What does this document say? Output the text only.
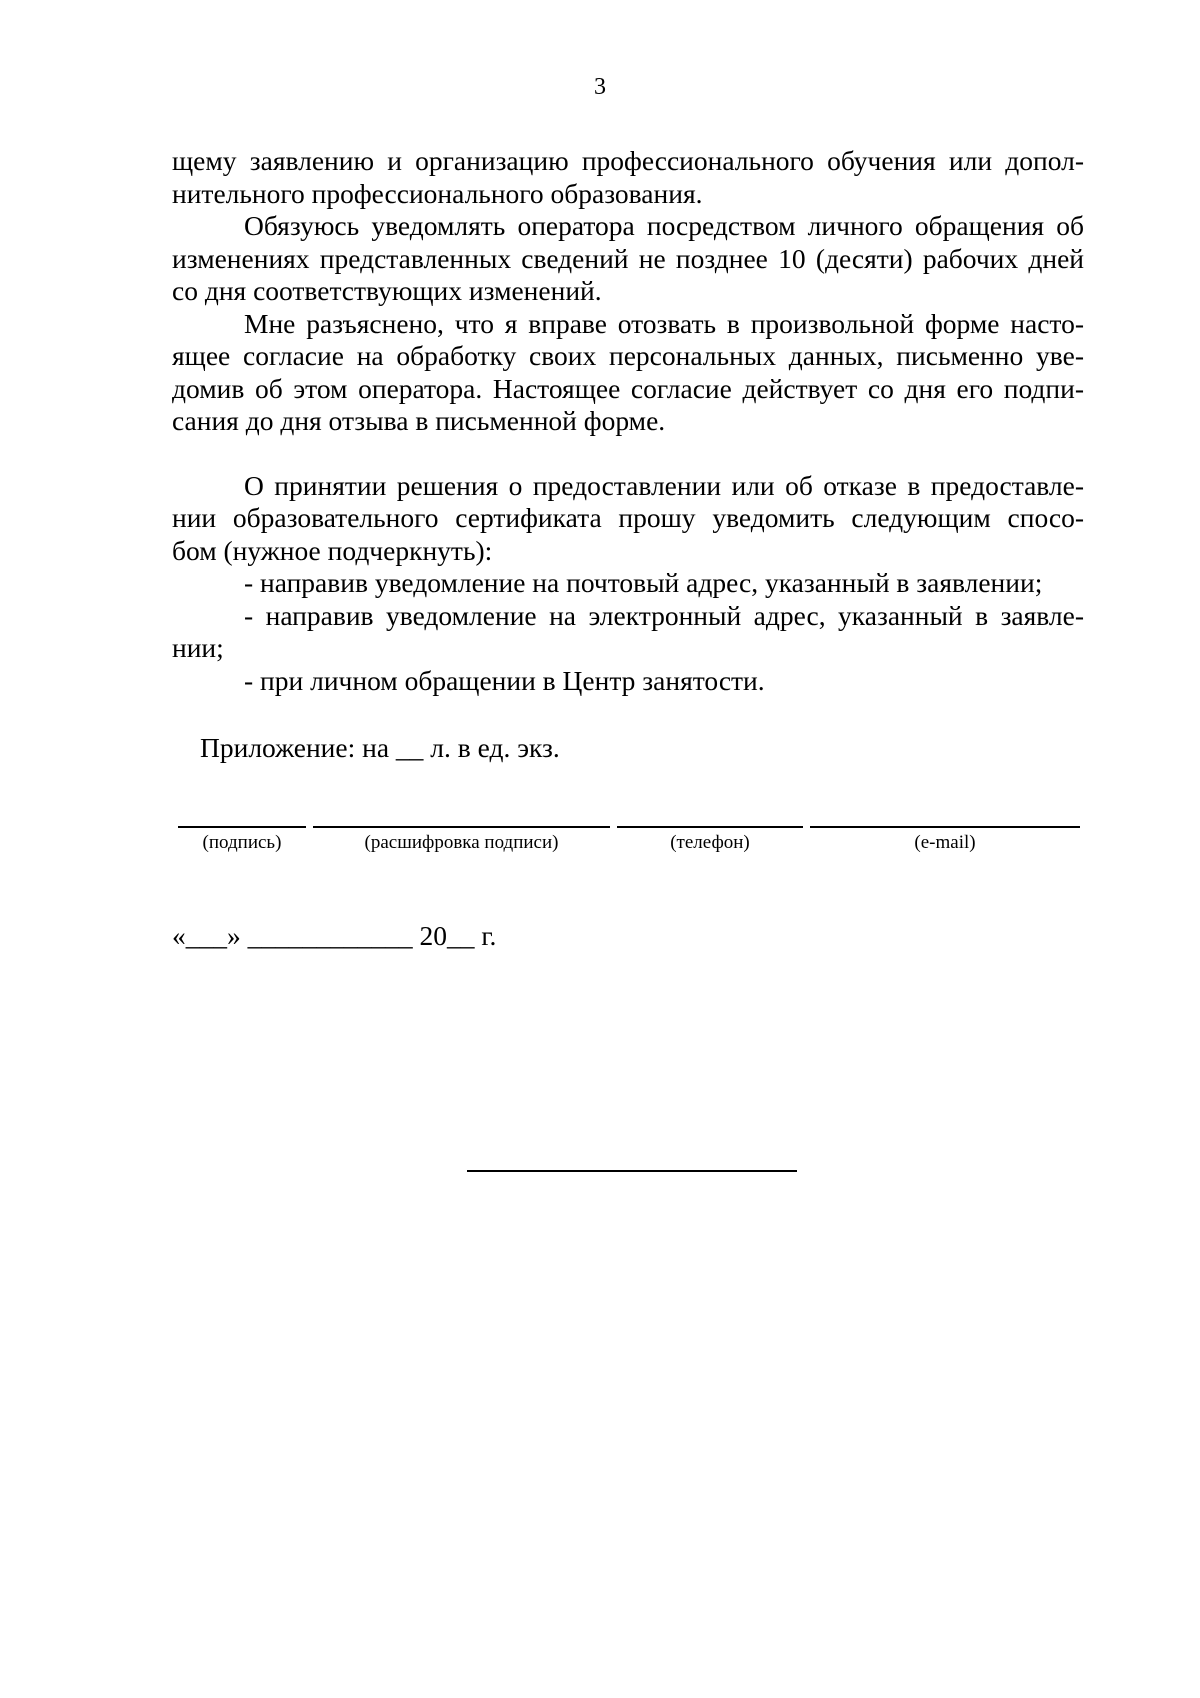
3

щему заявлению и организацию профессионального обучения или допол-

нительного профессионального образования.

Обязуюсь уведомлять оператора посредством личного обращения об

изменениях представленных сведений не позднее 10 (десяти) рабочих дней

со дня соответствующих изменений.

Мне разъяснено, что я вправе отозвать в произвольной форме насто-

ящее согласие на обработку своих персональных данных, письменно уве-

домив об этом оператора. Настоящее согласие действует со дня его подпи-

сания до дня отзыва в письменной форме.

О принятии решения о предоставлении или об отказе в предоставле-

нии образовательного сертификата прошу уведомить следующим спосо-

бом (нужное подчеркнуть):

- направив уведомление на почтовый адрес, указанный в заявлении;

- направив уведомление на электронный адрес, указанный в заявле-

нии;

- при личном обращении в Центр занятости.

Приложение: на __ л. в ед. экз.
(подпись)	(расшифровка подписи)	(телефон)	(e-mail)
«___» ____________ 20__ г.
